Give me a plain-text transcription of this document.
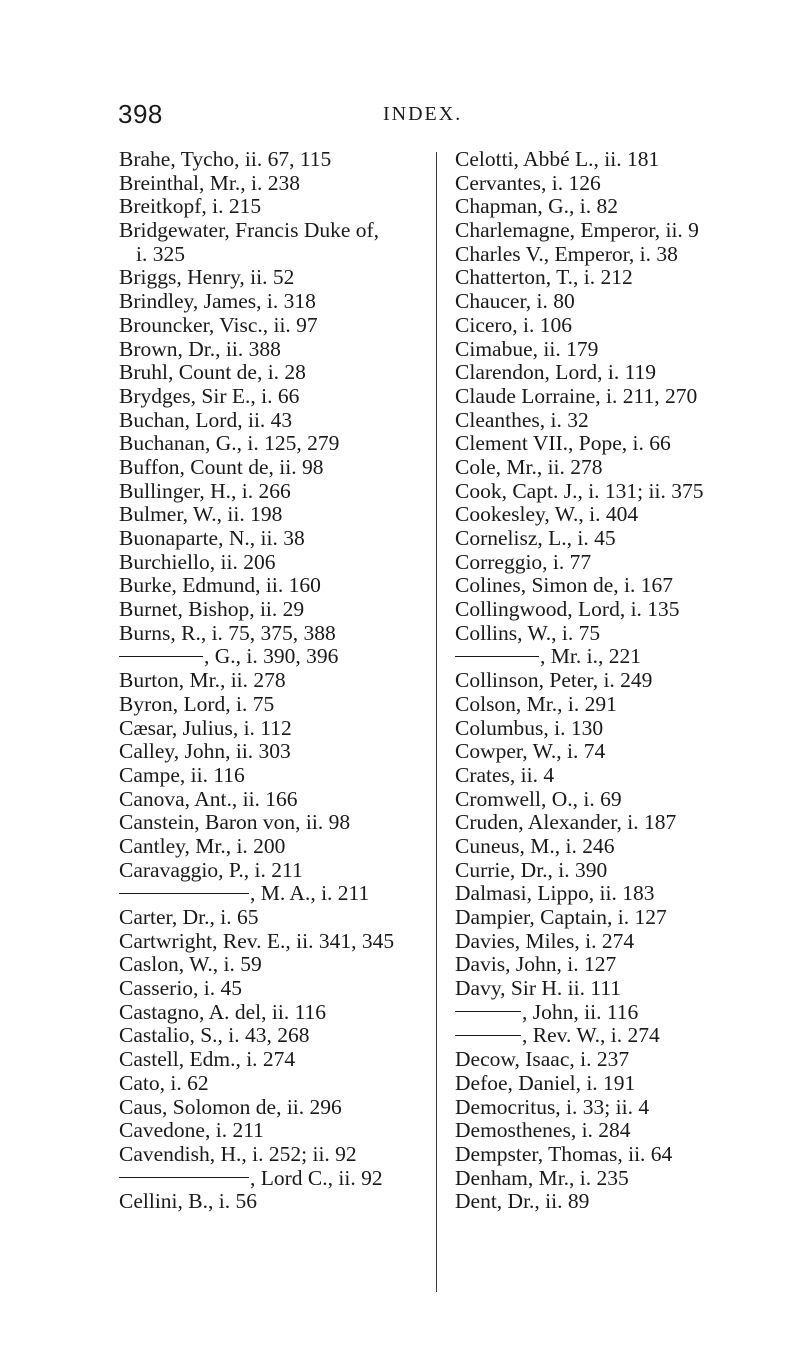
398	INDEX.
Brahe, Tycho, ii. 67, 115
Breinthal, Mr., i. 238
Breitkopf, i. 215
Bridgewater, Francis Duke of,
i. 325
Briggs, Henry, ii. 52
Brindley, James, i. 318
Brouncker, Visc., ii. 97
Brown, Dr., ii. 388
Bruhl, Count de, i. 28
Brydges, Sir E., i. 66
Buchan, Lord, ii. 43
Buchanan, G., i. 125, 279
Buffon, Count de, ii. 98
Bullinger, H., i. 266
Bulmer, W., ii. 198
Buonaparte, N., ii. 38
Burchiello, ii. 206
Burke, Edmund, ii. 160
Burnet, Bishop, ii. 29
Burns, R., i. 75, 375, 388
, G., i. 390, 396
Burton, Mr., ii. 278
Byron, Lord, i. 75
Cæsar, Julius, i. 112
Calley, John, ii. 303
Campe, ii. 116
Canova, Ant., ii. 166
Canstein, Baron von, ii. 98
Cantley, Mr., i. 200
Caravaggio, P., i. 211
, M. A., i. 211
Carter, Dr., i. 65
Cartwright, Rev. E., ii. 341, 345
Caslon, W., i. 59
Casserio, i. 45
Castagno, A. del, ii. 116
Castalio, S., i. 43, 268
Castell, Edm., i. 274
Cato, i. 62
Caus, Solomon de, ii. 296
Cavedone, i. 211
Cavendish, H., i. 252; ii. 92
, Lord C., ii. 92
Cellini, B., i. 56
Celotti, Abbé L., ii. 181
Cervantes, i. 126
Chapman, G., i. 82
Charlemagne, Emperor, ii. 9
Charles V., Emperor, i. 38
Chatterton, T., i. 212
Chaucer, i. 80
Cicero, i. 106
Cimabue, ii. 179
Clarendon, Lord, i. 119
Claude Lorraine, i. 211, 270
Cleanthes, i. 32
Clement VII., Pope, i. 66
Cole, Mr., ii. 278
Cook, Capt. J., i. 131; ii. 375
Cookesley, W., i. 404
Cornelisz, L., i. 45
Correggio, i. 77
Colines, Simon de, i. 167
Collingwood, Lord, i. 135
Collins, W., i. 75
, Mr. i., 221
Collinson, Peter, i. 249
Colson, Mr., i. 291
Columbus, i. 130
Cowper, W., i. 74
Crates, ii. 4
Cromwell, O., i. 69
Cruden, Alexander, i. 187
Cuneus, M., i. 246
Currie, Dr., i. 390
Dalmasi, Lippo, ii. 183
Dampier, Captain, i. 127
Davies, Miles, i. 274
Davis, John, i. 127
Davy, Sir H. ii. 111
, John, ii. 116
, Rev. W., i. 274
Decow, Isaac, i. 237
Defoe, Daniel, i. 191
Democritus, i. 33; ii. 4
Demosthenes, i. 284
Dempster, Thomas, ii. 64
Denham, Mr., i. 235
Dent, Dr., ii. 89
